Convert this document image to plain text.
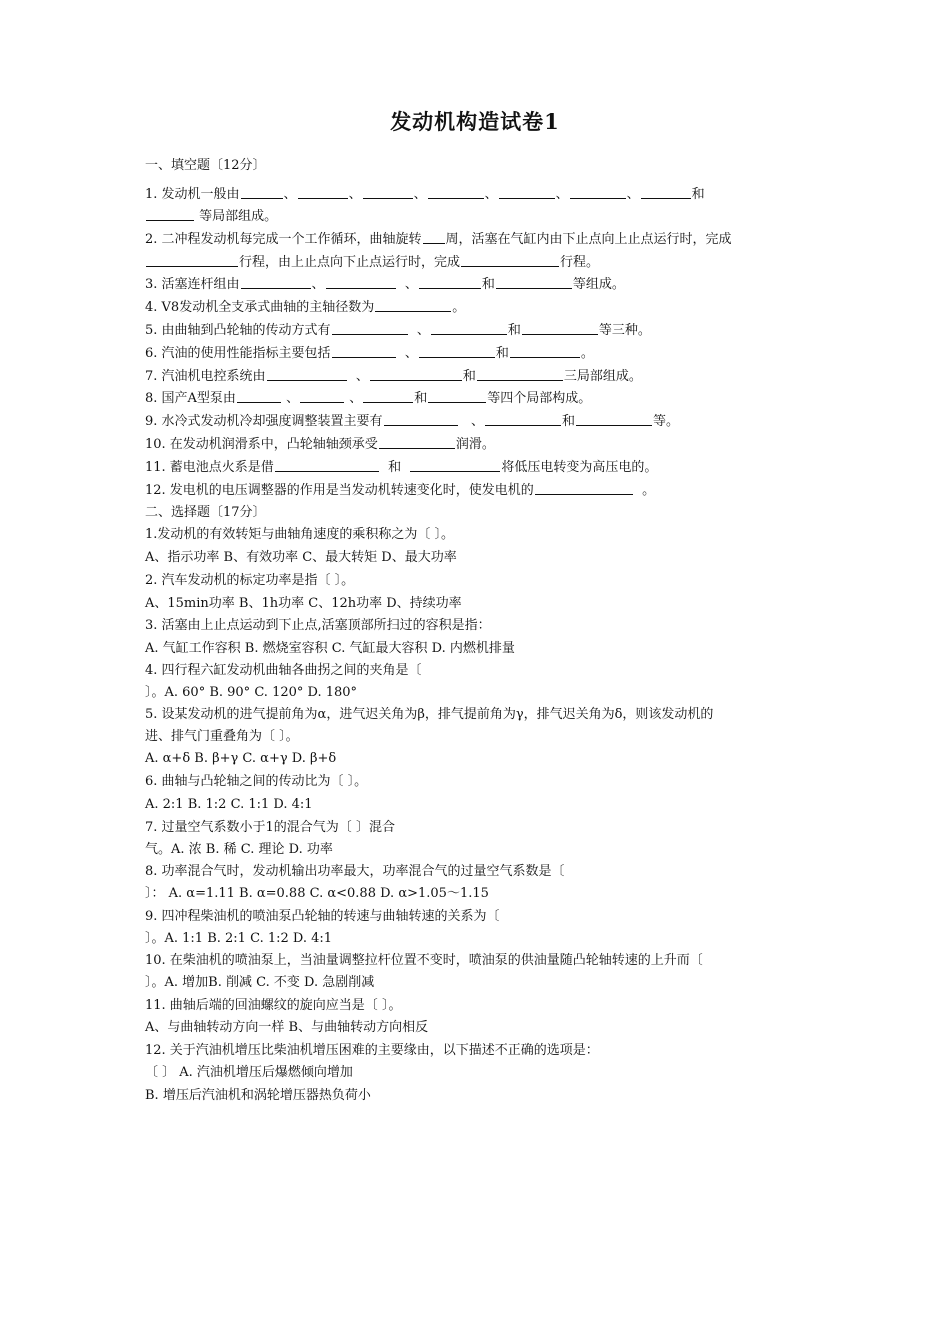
发动机构造试卷1
一、填空题〔12分〕
1. 发动机一般由	、	、	、	、	、	、	和
等局部组成。
2. 二冲程发动机每完成一个工作循环，曲轴旋转 周，活塞在气缸内由下止点向上止点运行时，完成
行程，由上止点向下止点运行时，完成	行程。
3. 活塞连杆组由	、	、	和	等组成。
4. V8发动机全支承式曲轴的主轴径数为	。
5. 由曲轴到凸轮轴的传动方式有	、	和	等三种。
6. 汽油的使用性能指标主要包括	、	和	。
7. 汽油机电控系统由	、	和	三局部组成。
8. 国产A型泵由	、	、	和	等四个局部构成。
9. 水冷式发动机冷却强度调整装置主要有	、	和	等。
10. 在发动机润滑系中，凸轮轴轴颈承受	润滑。
11. 蓄电池点火系是借	和	将低压电转变为高压电的。
12. 发电机的电压调整器的作用是当发动机转速变化时，使发电机的	。
二、选择题〔17分〕
1.发动机的有效转矩与曲轴角速度的乘积称之为〔 〕。
A、指示功率 B、有效功率 C、最大转矩 D、最大功率
2. 汽车发动机的标定功率是指〔 〕。
A、15min功率 B、1h功率 C、12h功率 D、持续功率
3. 活塞由上止点运动到下止点,活塞顶部所扫过的容积是指：
A. 气缸工作容积 B. 燃烧室容积 C. 气缸最大容积 D. 内燃机排量
4. 四行程六缸发动机曲轴各曲拐之间的夹角是〔
〕。A. 60° B. 90° C. 120° D. 180°
5. 设某发动机的进气提前角为α，进气迟关角为β，排气提前角为γ，排气迟关角为δ，则该发动机的
进、排气门重叠角为〔 〕。
A. α+δ B. β+γ C. α+γ D. β+δ
6. 曲轴与凸轮轴之间的传动比为〔 〕。
A. 2:1 B. 1:2 C. 1:1 D. 4:1
7. 过量空气系数小于1的混合气为〔 〕混合
气。A. 浓 B. 稀 C. 理论 D. 功率
8. 功率混合气时，发动机输出功率最大，功率混合气的过量空气系数是〔
〕： A. α=1.11 B. α=0.88 C. α<0.88 D. α>1.05～1.15
9. 四冲程柴油机的喷油泵凸轮轴的转速与曲轴转速的关系为〔
〕。A. 1:1 B. 2:1 C. 1:2 D. 4:1
10. 在柴油机的喷油泵上，当油量调整拉杆位置不变时，喷油泵的供油量随凸轮轴转速的上升而〔
〕。A. 增加B. 削减 C. 不变 D. 急剧削减
11. 曲轴后端的回油螺纹的旋向应当是〔 〕。
A、与曲轴转动方向一样 B、与曲轴转动方向相反
12. 关于汽油机增压比柴油机增压困难的主要缘由，以下描述不正确的选项是：
〔 〕 A. 汽油机增压后爆燃倾向增加
B. 增压后汽油机和涡轮增压器热负荷小
